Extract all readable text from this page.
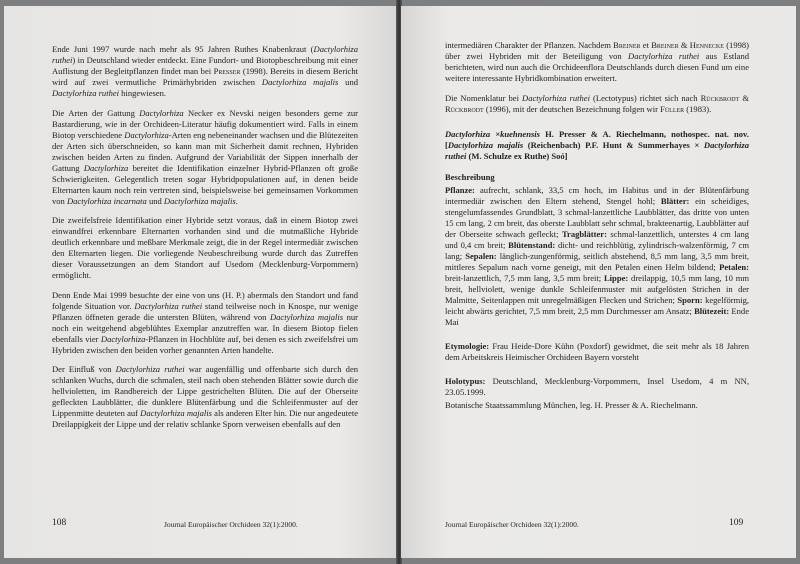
Ende Juni 1997 wurde nach mehr als 95 Jahren Ruthes Knabenkraut (Dactylorhiza ruthei) in Deutschland wieder entdeckt. Eine Fundort- und Biotopbeschreibung mit einer Auflistung der Begleitpflanzen findet man bei Presser (1998). Bereits in diesem Bericht wird auf zwei vermutliche Primärhybriden zwischen Dactylorhiza majalis und Dactylorhiza ruthei hingewiesen.

Die Arten der Gattung Dactylorhiza Necker ex Nevski neigen besonders gerne zur Bastardierung, wie in der Orchideen-Literatur häufig dokumentiert wird. Falls in einem Biotop verschiedene Dactylorhiza-Arten eng nebeneinander wachsen und die Blütezeiten der Arten sich überschneiden, so kann man mit Sicherheit damit rechnen, Hybriden zwischen beiden Arten zu finden. Aufgrund der Variabilität der Sippen innerhalb der Gattung Dactylorhiza bereitet die Identifikation einzelner Hybrid-Pflanzen oft große Schwierigkeiten. Gelegentlich treten sogar Hybridpopulationen auf, in denen beide Elternarten kaum noch rein vertreten sind, beispielsweise bei gemeinsamen Vorkommen von Dactylorhiza incarnata und Dactylorhiza majalis.

Die zweifelsfreie Identifikation einer Hybride setzt voraus, daß in einem Biotop zwei einwandfrei erkennbare Elternarten vorhanden sind und die mutmaßliche Hybride deutlich erkennbare und meßbare Merkmale zeigt, die in der Regel intermediär zwischen den Elternarten liegen. Die vorliegende Neubeschreibung wurde durch das Zutreffen dieser Voraussetzungen an dem Standort auf Usedom (Mecklenburg-Vorpommern) ermöglicht.

Denn Ende Mai 1999 besuchte der eine von uns (H. P.) abermals den Standort und fand folgende Situation vor. Dactylorhiza ruthei stand teilweise noch in Knospe, nur wenige Pflanzen öffneten gerade die untersten Blüten, während von Dactylorhiza majalis nur noch ein weitgehend abgeblühtes Exemplar anzutreffen war. In diesem Biotop fielen ebenfalls vier Dactylorhiza-Pflanzen in Hochblüte auf, bei denen es sich zweifelsfrei um Hybriden zwischen den beiden vorher genannten Arten handelte.

Der Einfluß von Dactylorhiza ruthei war augenfällig und offenbarte sich durch den schlanken Wuchs, durch die schmalen, steil nach oben stehenden Blätter sowie durch die hellvioletten, im Randbereich der Lippe gestrichelten Blüten. Die auf der Oberseite gefleckten Laubblätter, die dunklere Blütenfärbung und die Schleifenmuster auf der Lippenmitte deuteten auf Dactylorhiza majalis als anderen Elter hin. Die nur angedeutete Dreilappigkeit der Lippe und der relativ schlanke Sporn verweisen ebenfalls auf den

108	Journal Europäischer Orchideen 32(1):2000.

intermediären Charakter der Pflanzen. Nachdem Breiner et Breiner & Hennecke (1998) über zwei Hybriden mit der Beteiligung von Dactylorhiza ruthei aus Estland berichteten, wird nun auch die Orchideenflora Deutschlands durch diesen Fund um eine weitere interessante Hybridkombination erweitert.

Die Nomenklatur bei Dactylorhiza ruthei (Lectotypus) richtet sich nach Rückbrodt & Rückbrodt (1996), mit der deutschen Bezeichnung folgen wir Füller (1983).

Dactylorhiza ×kuehnensis H. Presser & A. Riechelmann, nothospec. nat. nov. [Dactylorhiza majalis (Reichenbach) P.F. Hunt & Summerhayes × Dactylorhiza ruthei (M. Schulze ex Ruthe) Soó]

Beschreibung

Pflanze: aufrecht, schlank, 33,5 cm hoch, im Habitus und in der Blütenfärbung intermediär zwischen den Eltern stehend, Stengel hohl; Blätter: ein scheidiges, stengelumfassendes Grundblatt, 3 schmal-lanzettliche Laubblätter, das dritte von unten 15 cm lang, 2 cm breit, das oberste Laubblatt sehr schmal, brakteenartig, Laubblätter auf der Oberseite schwach gefleckt; Tragblätter: schmal-lanzettlich, unterstes 4 cm lang und 0,4 cm breit; Blütenstand: dicht- und reichblütig, zylindrisch-walzenförmig, 7 cm lang; Sepalen: länglich-zungenförmig, seitlich abstehend, 8,5 mm lang, 3,5 mm breit, mittleres Sepalum nach vorne geneigt, mit den Petalen einen Helm bildend; Petalen: breit-lanzettlich, 7,5 mm lang, 3,5 mm breit; Lippe: dreilappig, 10,5 mm lang, 10 mm breit, hellviolett, wenige dunkle Schleifenmuster mit aufgelösten Strichen in der Malmitte, Seitenlappen mit unregelmäßigen Flecken und Strichen; Sporn: kegelförmig, leicht abwärts gerichtet, 7,5 mm breit, 2,5 mm Durchmesser am Ansatz; Blütezeit: Ende Mai

Etymologie: Frau Heide-Dore Kühn (Poxdorf) gewidmet, die seit mehr als 18 Jahren dem Arbeitskreis Heimischer Orchideen Bayern vorsteht

Holotypus: Deutschland, Mecklenburg-Vorpommern, Insel Usedom, 4 m NN, 23.05.1999.

Botanische Staatssammlung München, leg. H. Presser & A. Riechelmann.

Journal Europäischer Orchideen 32(1):2000.	109
